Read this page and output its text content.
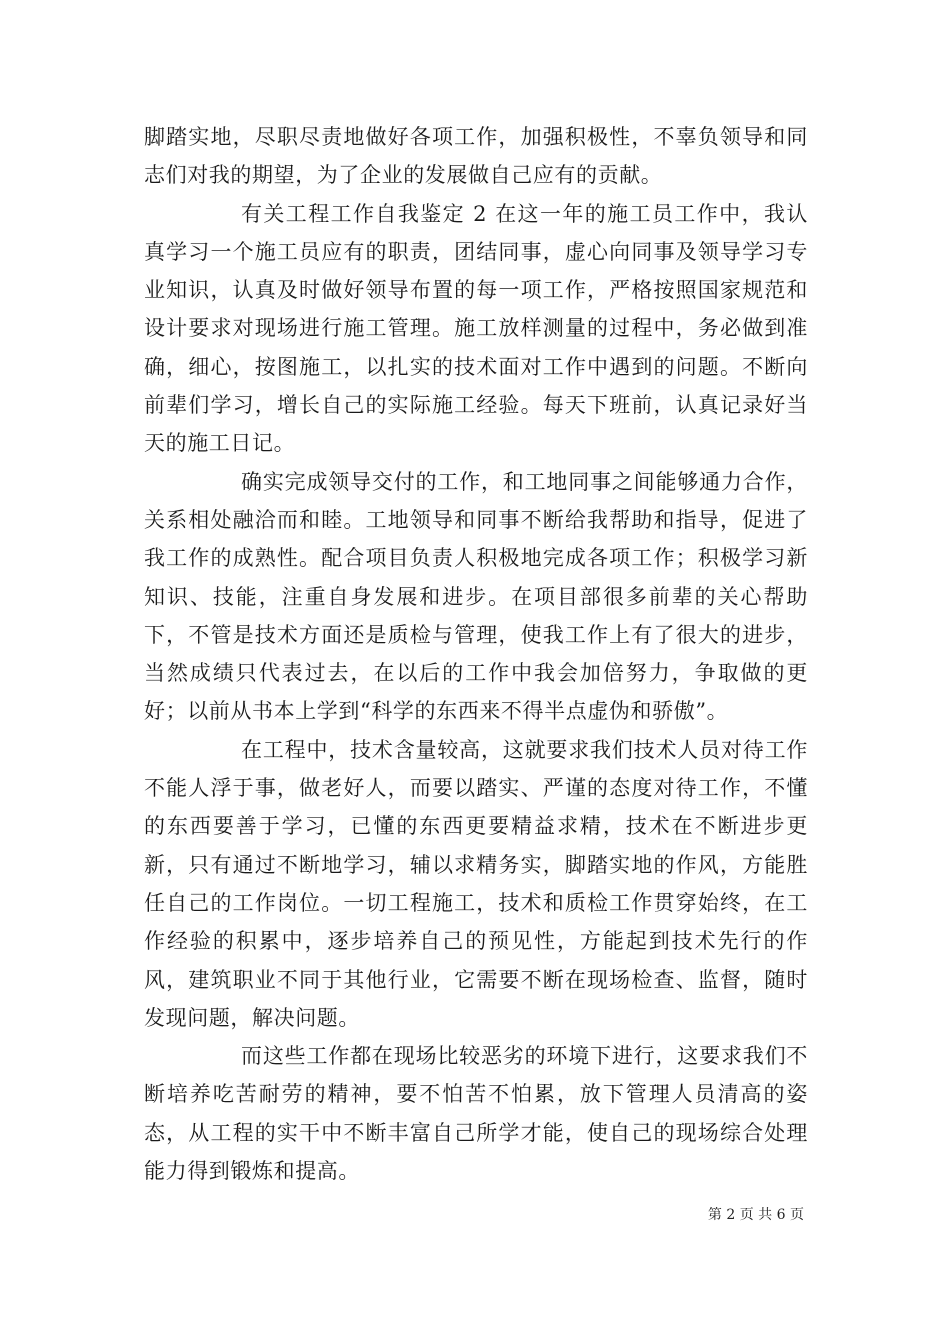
脚踏实地，尽职尽责地做好各项工作，加强积极性，不辜负领导和同志们对我的期望，为了企业的发展做自己应有的贡献。

有关工程工作自我鉴定 2 在这一年的施工员工作中，我认真学习一个施工员应有的职责，团结同事，虚心向同事及领导学习专业知识，认真及时做好领导布置的每一项工作，严格按照国家规范和设计要求对现场进行施工管理。施工放样测量的过程中，务必做到准确，细心，按图施工，以扎实的技术面对工作中遇到的问题。不断向前辈们学习，增长自己的实际施工经验。每天下班前，认真记录好当天的施工日记。

确实完成领导交付的工作，和工地同事之间能够通力合作，关系相处融洽而和睦。工地领导和同事不断给我帮助和指导，促进了我工作的成熟性。配合项目负责人积极地完成各项工作；积极学习新知识、技能，注重自身发展和进步。在项目部很多前辈的关心帮助下，不管是技术方面还是质检与管理，使我工作上有了很大的进步，当然成绩只代表过去，在以后的工作中我会加倍努力，争取做的更好；以前从书本上学到“科学的东西来不得半点虚伪和骄傲”。

在工程中，技术含量较高，这就要求我们技术人员对待工作不能人浮于事，做老好人，而要以踏实、严谨的态度对待工作，不懂的东西要善于学习，已懂的东西更要精益求精，技术在不断进步更新，只有通过不断地学习，辅以求精务实，脚踏实地的作风，方能胜任自己的工作岗位。一切工程施工，技术和质检工作贯穿始终，在工作经验的积累中，逐步培养自己的预见性，方能起到技术先行的作风，建筑职业不同于其他行业，它需要不断在现场检查、监督，随时发现问题，解决问题。

而这些工作都在现场比较恶劣的环境下进行，这要求我们不断培养吃苦耐劳的精神，要不怕苦不怕累，放下管理人员清高的姿态，从工程的实干中不断丰富自己所学才能，使自己的现场综合处理能力得到锻炼和提高。

第 2 页 共 6 页
